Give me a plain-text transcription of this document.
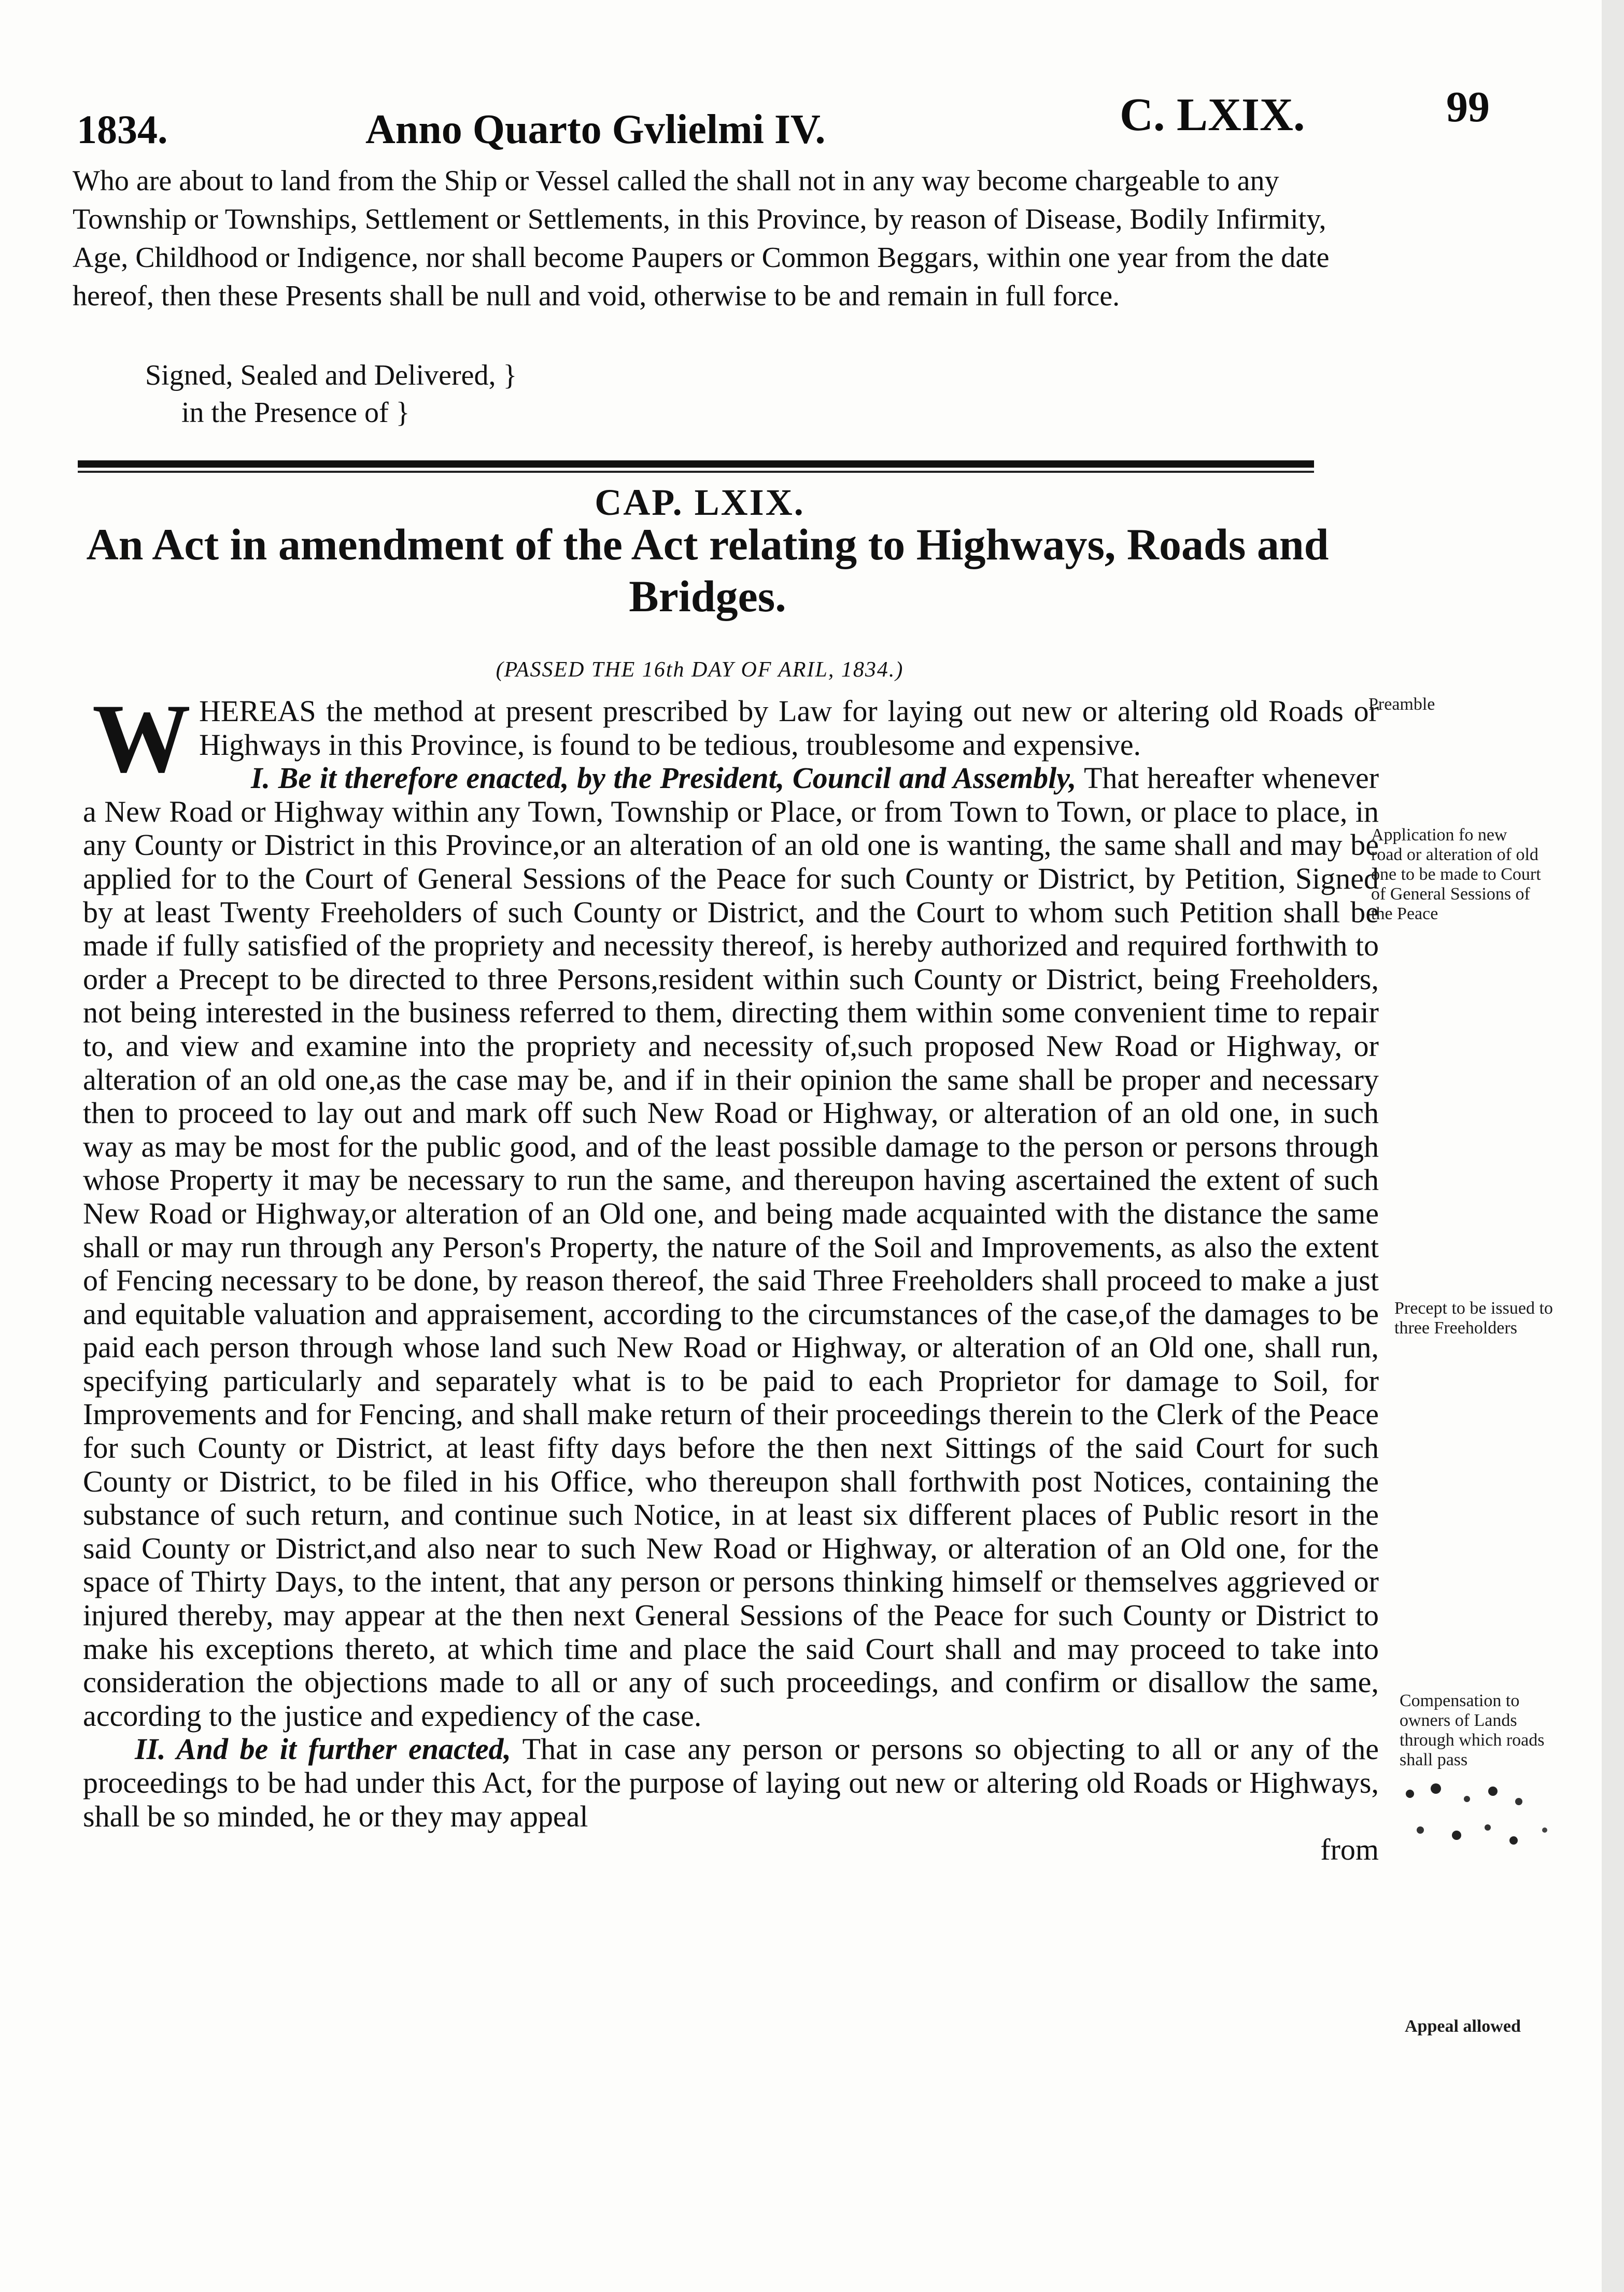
1834.	Anno Quarto Gvlielmi IV.	C. LXIX.	99

Who are about to land from the Ship or Vessel called the shall not in any way become chargeable to any Township or Townships, Settlement or Settlements, in this Province, by reason of Disease, Bodily Infirmity, Age, Childhood or Indigence, nor shall become Paupers or Common Beggars, within one year from the date hereof, then these Presents shall be null and void, otherwise to be and remain in full force.

Signed, Sealed and Delivered, }
in the Presence of }
CAP. LXIX.
An Act in amendment of the Act relating to Highways, Roads and Bridges.
(PASSED THE 16th DAY OF ARIL, 1834.)

WHEREAS the method at present prescribed by Law for laying out new or altering old Roads or Highways in this Province, is found to be tedious, troublesome and expensive.

I. Be it therefore enacted, by the President, Council and Assembly, That hereafter whenever a New Road or Highway within any Town, Township or Place, or from Town to Town, or place to place, in any County or District in this Province,or an alteration of an old one is wanting, the same shall and may be applied for to the Court of General Sessions of the Peace for such County or District, by Petition, Signed by at least Twenty Freeholders of such County or District, and the Court to whom such Petition shall be made if fully satisfied of the propriety and necessity thereof, is hereby authorized and required forthwith to order a Precept to be directed to three Persons,resident within such County or District, being Freeholders, not being interested in the business referred to them, directing them within some convenient time to repair to, and view and examine into the propriety and necessity of,such proposed New Road or Highway, or alteration of an old one,as the case may be, and if in their opinion the same shall be proper and necessary then to proceed to lay out and mark off such New Road or Highway, or alteration of an old one, in such way as may be most for the public good, and of the least possible damage to the person or persons through whose Property it may be necessary to run the same, and thereupon having ascertained the extent of such New Road or Highway,or alteration of an Old one, and being made acquainted with the distance the same shall or may run through any Person's Property, the nature of the Soil and Improvements, as also the extent of Fencing necessary to be done, by reason thereof, the said Three Freeholders shall proceed to make a just and equitable valuation and appraisement, according to the circumstances of the case,of the damages to be paid each person through whose land such New Road or Highway, or alteration of an Old one, shall run, specifying particularly and separately what is to be paid to each Proprietor for damage to Soil, for Improvements and for Fencing, and shall make return of their proceedings therein to the Clerk of the Peace for such County or District, at least fifty days before the then next Sittings of the said Court for such County or District, to be filed in his Office, who thereupon shall forthwith post Notices, containing the substance of such return, and continue such Notice, in at least six different places of Public resort in the said County or District,and also near to such New Road or Highway, or alteration of an Old one, for the space of Thirty Days, to the intent, that any person or persons thinking himself or themselves aggrieved or injured thereby, may appear at the then next General Sessions of the Peace for such County or District to make his exceptions thereto, at which time and place the said Court shall and may proceed to take into consideration the objections made to all or any of such proceedings, and confirm or disallow the same, according to the justice and expediency of the case.

II. And be it further enacted, That in case any person or persons so objecting to all or any of the proceedings to be had under this Act, for the purpose of laying out new or altering old Roads or Highways, shall be so minded, he or they may appeal

from

Preamble
Application fo new road or alteration of old one to be made to Court of General Sessions of the Peace
Precept to be issued to three Freeholders
Compensation to owners of Lands through which roads shall pass
Appeal allowed
